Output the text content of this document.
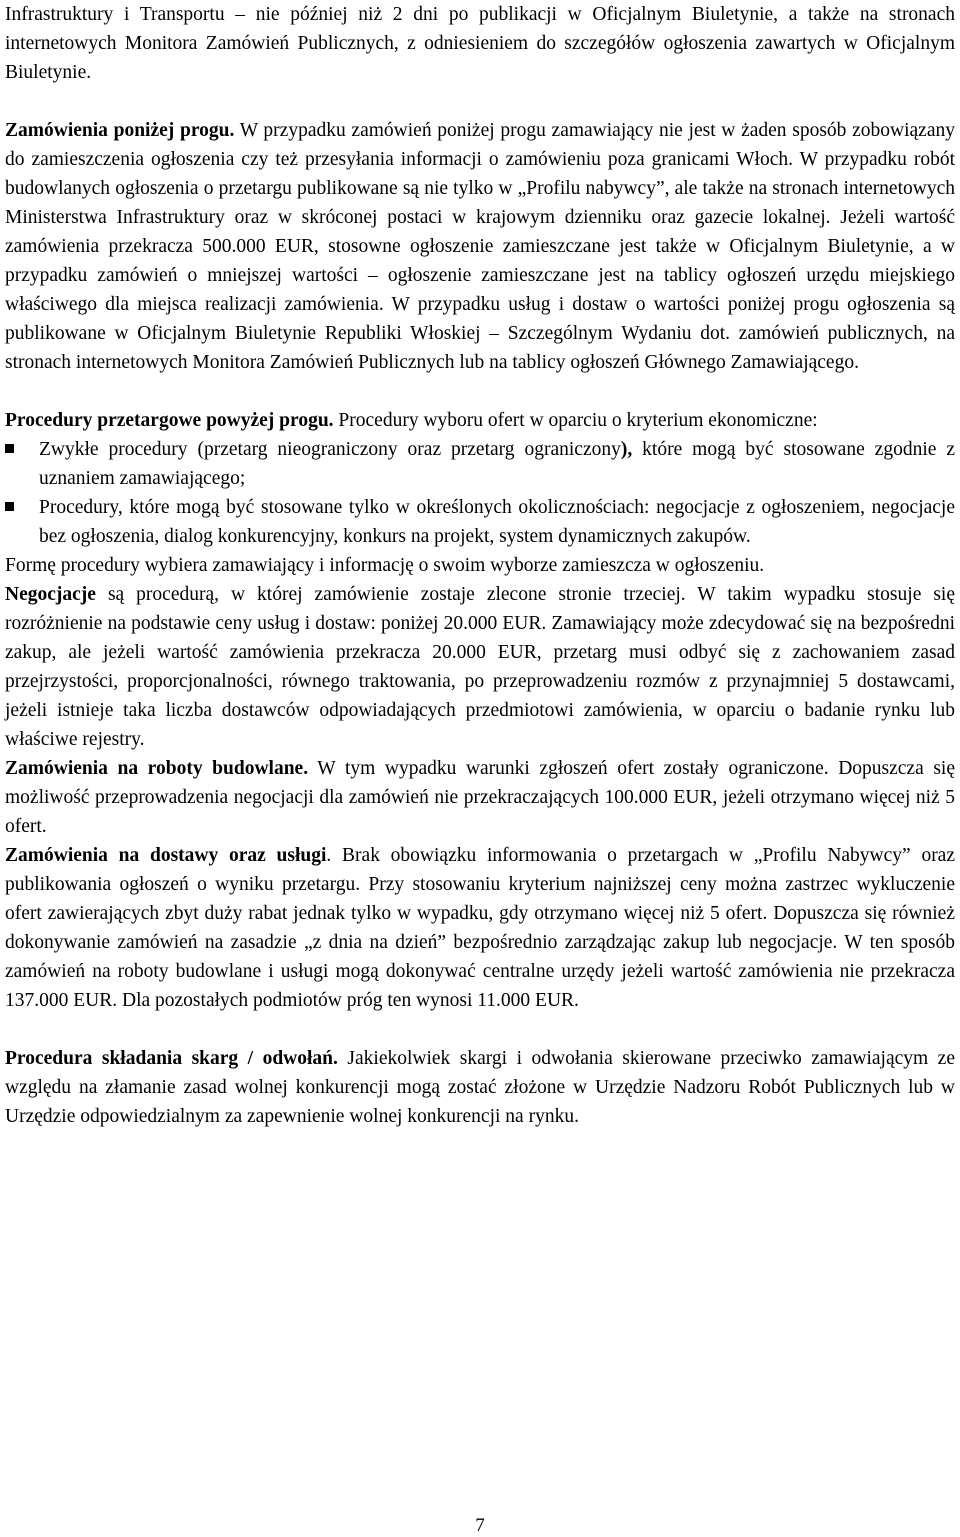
Infrastruktury i Transportu – nie później niż 2 dni po publikacji w Oficjalnym Biuletynie, a także na stronach internetowych Monitora Zamówień Publicznych, z odniesieniem do szczegółów ogłoszenia zawartych w Oficjalnym Biuletynie.

Zamówienia poniżej progu. W przypadku zamówień poniżej progu zamawiający nie jest w żaden sposób zobowiązany do zamieszczenia ogłoszenia czy też przesyłania informacji o zamówieniu poza granicami Włoch. W przypadku robót budowlanych ogłoszenia o przetargu publikowane są nie tylko w „Profilu nabywcy”, ale także na stronach internetowych Ministerstwa Infrastruktury oraz w skróconej postaci w krajowym dzienniku oraz gazecie lokalnej. Jeżeli wartość zamówienia przekracza 500.000 EUR, stosowne ogłoszenie zamieszczane jest także w Oficjalnym Biuletynie, a w przypadku zamówień o mniejszej wartości – ogłoszenie zamieszczane jest na tablicy ogłoszeń urzędu miejskiego właściwego dla miejsca realizacji zamówienia. W przypadku usług i dostaw o wartości poniżej progu ogłoszenia są publikowane w Oficjalnym Biuletynie Republiki Włoskiej – Szczególnym Wydaniu dot. zamówień publicznych, na stronach internetowych Monitora Zamówień Publicznych lub na tablicy ogłoszeń Głównego Zamawiającego.

Procedury przetargowe powyżej progu. Procedury wyboru ofert w oparciu o kryterium ekonomiczne:

Zwykłe procedury (przetarg nieograniczony oraz przetarg ograniczony), które mogą być stosowane zgodnie z uznaniem zamawiającego;
Procedury, które mogą być stosowane tylko w określonych okolicznościach: negocjacje z ogłoszeniem, negocjacje bez ogłoszenia, dialog konkurencyjny, konkurs na projekt, system dynamicznych zakupów.

Formę procedury wybiera zamawiający i informację o swoim wyborze zamieszcza w ogłoszeniu.

Negocjacje są procedurą, w której zamówienie zostaje zlecone stronie trzeciej. W takim wypadku stosuje się rozróżnienie na podstawie ceny usług i dostaw: poniżej 20.000 EUR. Zamawiający może zdecydować się na bezpośredni zakup, ale jeżeli wartość zamówienia przekracza 20.000 EUR, przetarg musi odbyć się z zachowaniem zasad przejrzystości, proporcjonalności, równego traktowania, po przeprowadzeniu rozmów z przynajmniej 5 dostawcami, jeżeli istnieje taka liczba dostawców odpowiadających przedmiotowi zamówienia, w oparciu o badanie rynku lub właściwe rejestry.

Zamówienia na roboty budowlane. W tym wypadku warunki zgłoszeń ofert zostały ograniczone. Dopuszcza się możliwość przeprowadzenia negocjacji dla zamówień nie przekraczających 100.000 EUR, jeżeli otrzymano więcej niż 5 ofert.

Zamówienia na dostawy oraz usługi. Brak obowiązku informowania o przetargach w „Profilu Nabywcy” oraz publikowania ogłoszeń o wyniku przetargu. Przy stosowaniu kryterium najniższej ceny można zastrzec wykluczenie ofert zawierających zbyt duży rabat jednak tylko w wypadku, gdy otrzymano więcej niż 5 ofert. Dopuszcza się również dokonywanie zamówień na zasadzie „z dnia na dzień” bezpośrednio zarządzając zakup lub negocjacje. W ten sposób zamówień na roboty budowlane i usługi mogą dokonywać centralne urzędy jeżeli wartość zamówienia nie przekracza 137.000 EUR. Dla pozostałych podmiotów próg ten wynosi 11.000 EUR.

Procedura składania skarg / odwołań. Jakiekolwiek skargi i odwołania skierowane przeciwko zamawiającym ze względu na złamanie zasad wolnej konkurencji mogą zostać złożone w Urzędzie Nadzoru Robót Publicznych lub w Urzędzie odpowiedzialnym za zapewnienie wolnej konkurencji na rynku.

7
